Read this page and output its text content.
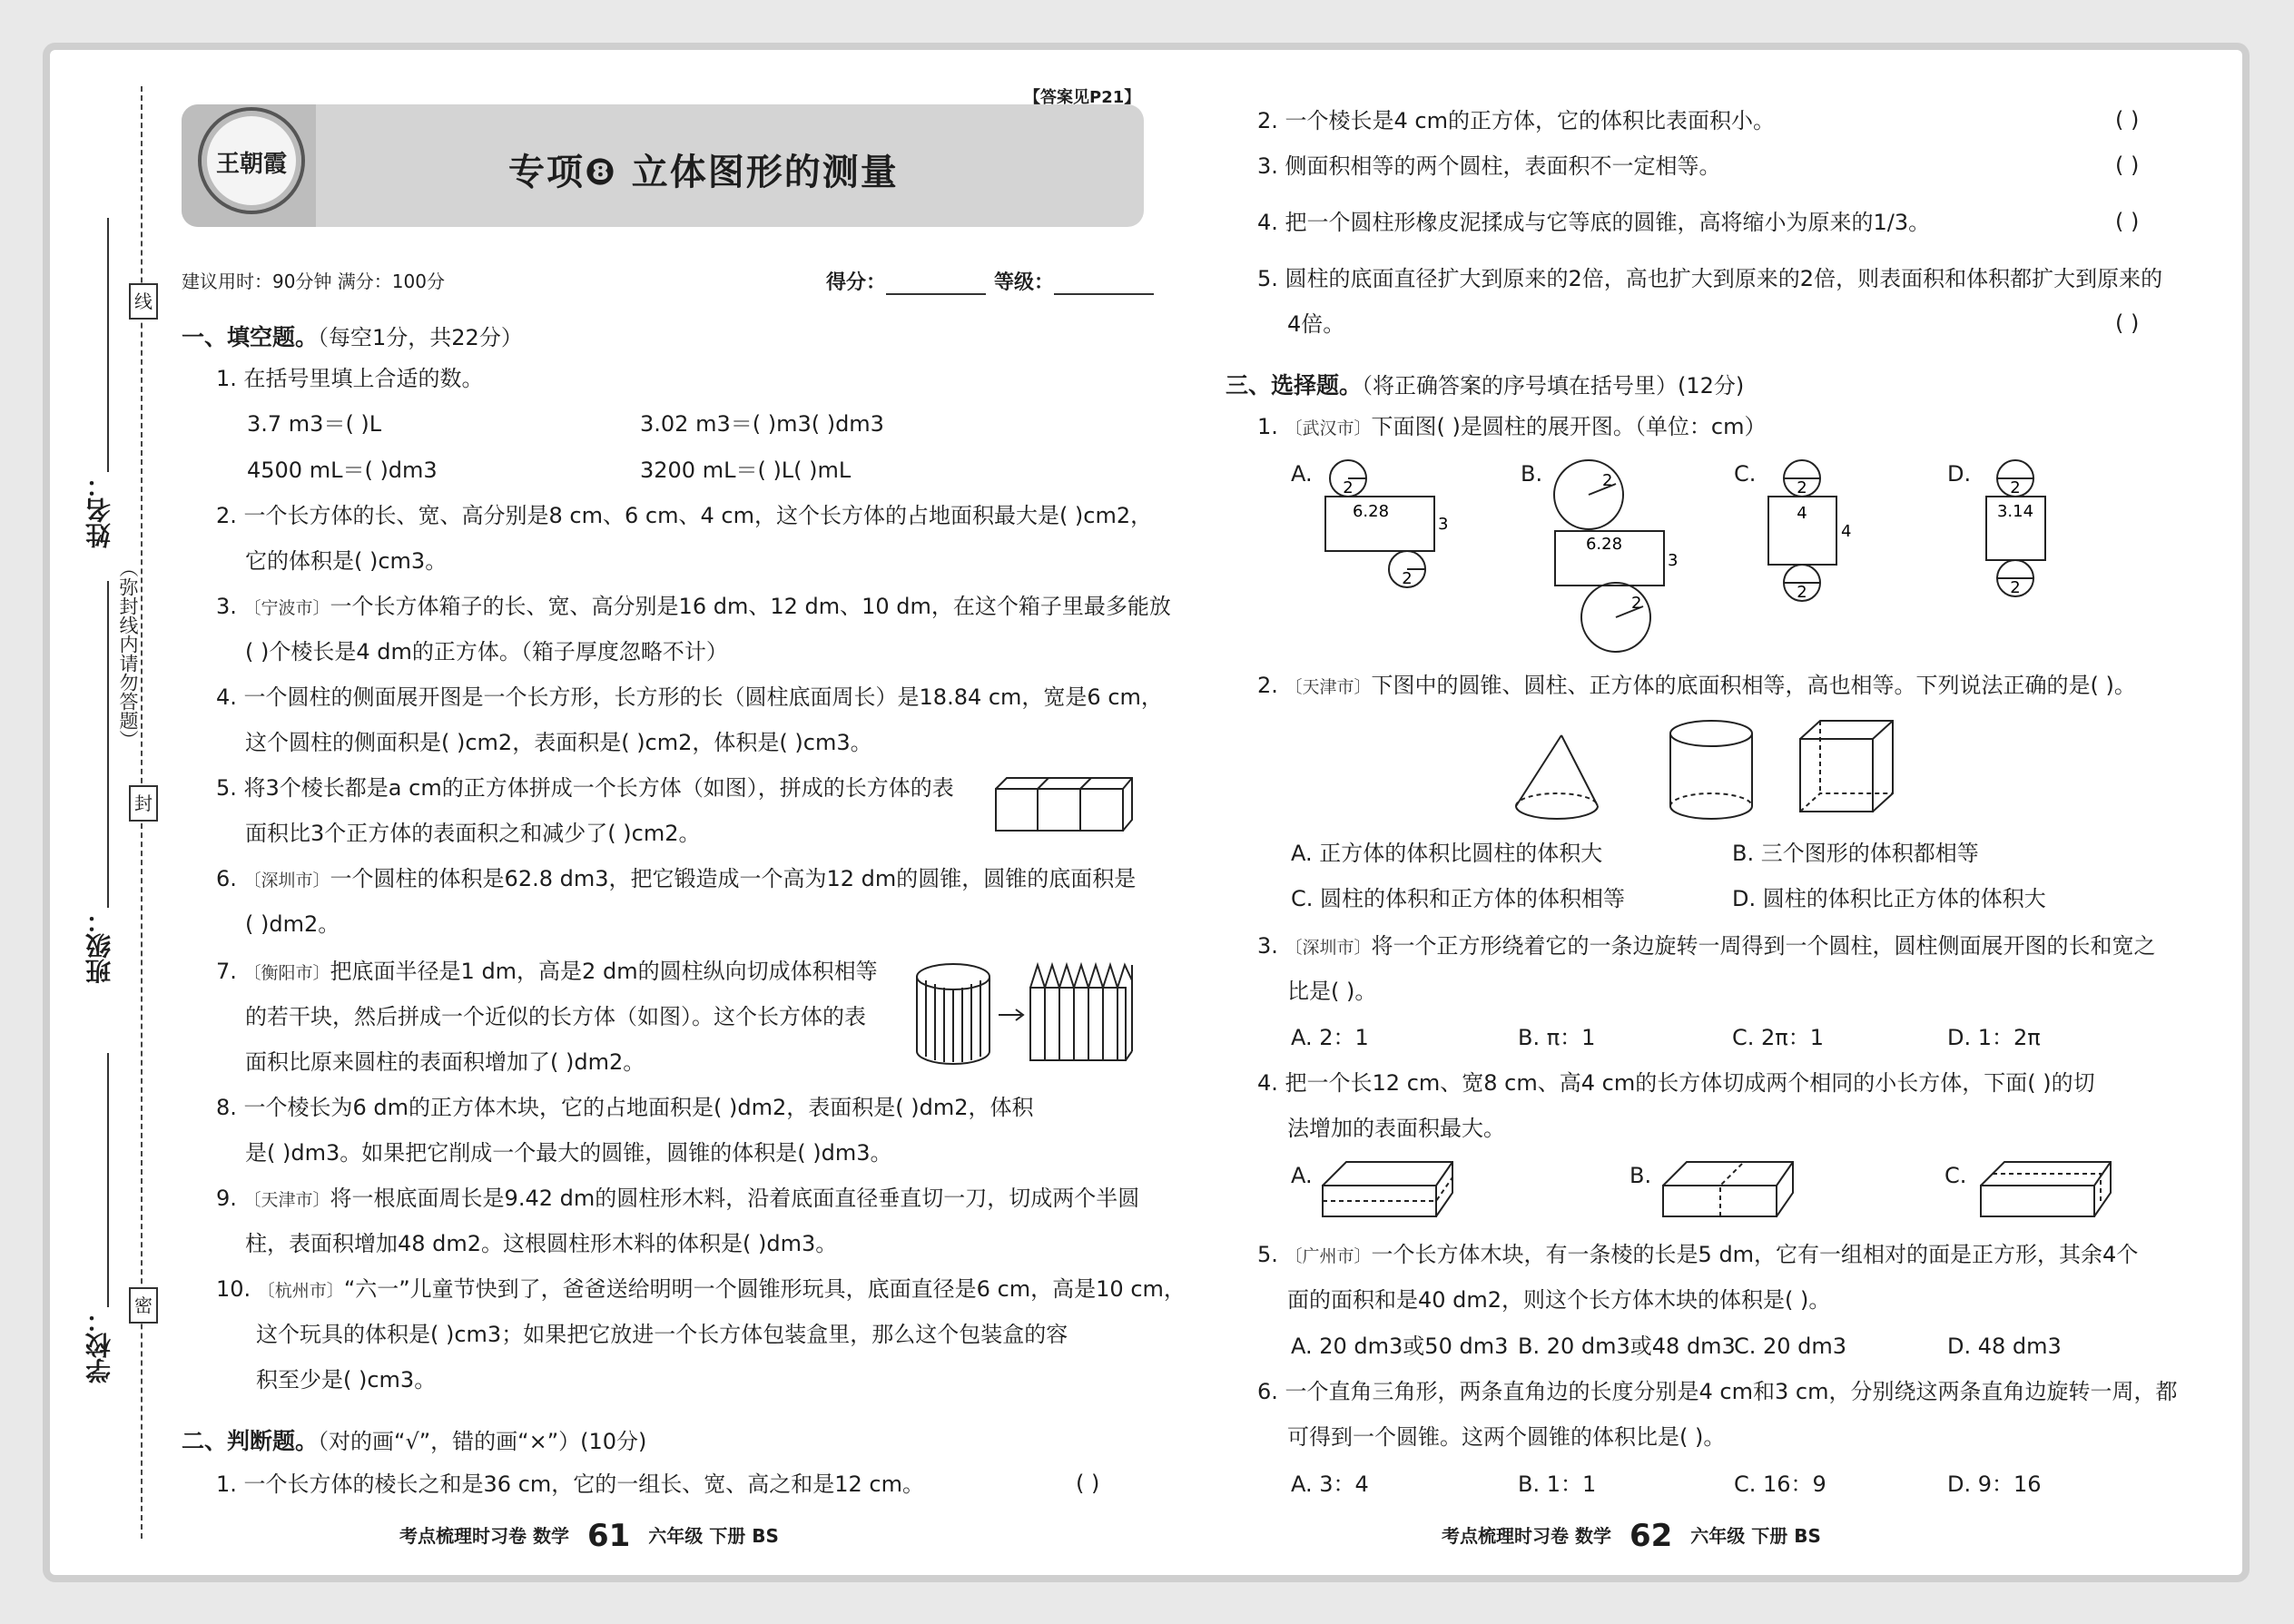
姓名：
班级：
学校：
线
封
密
（弥封线内请勿答题）
王朝霞
【答案见P21】
专项❽ 立体图形的测量
建议用时：90分钟 满分：100分	得分：	等级：
一、填空题。（每空1分，共22分）
1. 在括号里填上合适的数。
3.7 m3＝( )L	3.02 m3＝( )m3( )dm3
4500 mL＝( )dm3	3200 mL＝( )L( )mL
2. 一个长方体的长、宽、高分别是8 cm、6 cm、4 cm，这个长方体的占地面积最大是( )cm2，
它的体积是( )cm3。
3. 〔宁波市〕一个长方体箱子的长、宽、高分别是16 dm、12 dm、10 dm，在这个箱子里最多能放
( )个棱长是4 dm的正方体。（箱子厚度忽略不计）
4. 一个圆柱的侧面展开图是一个长方形，长方形的长（圆柱底面周长）是18.84 cm，宽是6 cm，
这个圆柱的侧面积是( )cm2，表面积是( )cm2，体积是( )cm3。
5. 将3个棱长都是a cm的正方体拼成一个长方体（如图），拼成的长方体的表
面积比3个正方体的表面积之和减少了( )cm2。
6. 〔深圳市〕一个圆柱的体积是62.8 dm3，把它锻造成一个高为12 dm的圆锥，圆锥的底面积是
( )dm2。
7. 〔衡阳市〕把底面半径是1 dm，高是2 dm的圆柱纵向切成体积相等
的若干块，然后拼成一个近似的长方体（如图）。这个长方体的表
面积比原来圆柱的表面积增加了( )dm2。
8. 一个棱长为6 dm的正方体木块，它的占地面积是( )dm2，表面积是( )dm2，体积
是( )dm3。如果把它削成一个最大的圆锥，圆锥的体积是( )dm3。
9. 〔天津市〕将一根底面周长是9.42 dm的圆柱形木料，沿着底面直径垂直切一刀，切成两个半圆
柱，表面积增加48 dm2。这根圆柱形木料的体积是( )dm3。
10. 〔杭州市〕“六一”儿童节快到了，爸爸送给明明一个圆锥形玩具，底面直径是6 cm，高是10 cm，
这个玩具的体积是( )cm3；如果把它放进一个长方体包装盒里，那么这个包装盒的容
积至少是( )cm3。
二、判断题。（对的画“√”，错的画“×”）(10分)
1. 一个长方体的棱长之和是36 cm，它的一组长、宽、高之和是12 cm。	( )
2. 一个棱长是4 cm的正方体，它的体积比表面积小。	( )
3. 侧面积相等的两个圆柱，表面积不一定相等。	( )
4. 把一个圆柱形橡皮泥揉成与它等底的圆锥，高将缩小为原来的1/3。	( )
5. 圆柱的底面直径扩大到原来的2倍，高也扩大到原来的2倍，则表面积和体积都扩大到原来的
4倍。	( )
三、选择题。（将正确答案的序号填在括号里）(12分)
1. 〔武汉市〕下面图( )是圆柱的展开图。（单位：cm）
A.	B.	C.	D.
2
6.28
3
2
2
6.28
3
2
2
4
4
2
2
3.14
2
2. 〔天津市〕下图中的圆锥、圆柱、正方体的底面积相等，高也相等。下列说法正确的是( )。
A. 正方体的体积比圆柱的体积大	B. 三个图形的体积都相等
C. 圆柱的体积和正方体的体积相等	D. 圆柱的体积比正方体的体积大
3. 〔深圳市〕将一个正方形绕着它的一条边旋转一周得到一个圆柱，圆柱侧面展开图的长和宽之
比是( )。
A. 2：1	B. π：1	C. 2π：1	D. 1：2π
4. 把一个长12 cm、宽8 cm、高4 cm的长方体切成两个相同的小长方体，下面( )的切
法增加的表面积最大。
A.	B.	C.
5. 〔广州市〕一个长方体木块，有一条棱的长是5 dm，它有一组相对的面是正方形，其余4个
面的面积和是40 dm2，则这个长方体木块的体积是( )。
A. 20 dm3或50 dm3 B. 20 dm3或48 dm3
C. 20 dm3	D. 48 dm3
6. 一个直角三角形，两条直角边的长度分别是4 cm和3 cm，分别绕这两条直角边旋转一周，都
可得到一个圆锥。这两个圆锥的体积比是( )。
A. 3：4	B. 1：1	C. 16：9	D. 9：16
考点梳理时习卷 数学 61 六年级 下册 BS	考点梳理时习卷 数学 62 六年级 下册 BS
